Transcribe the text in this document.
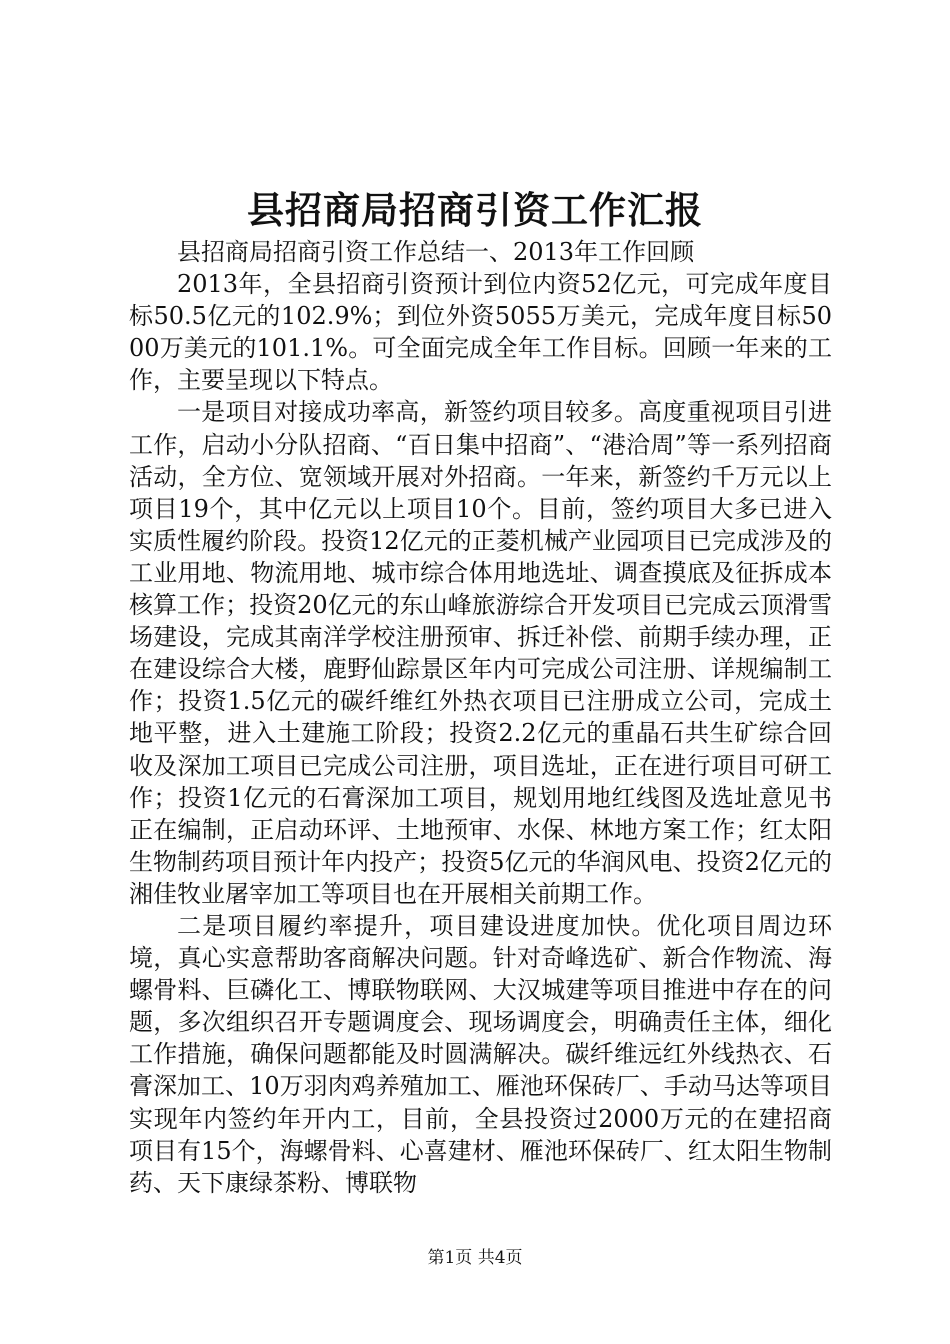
县招商局招商引资工作汇报

县招商局招商引资工作总结一、2013年工作回顾

2013年，全县招商引资预计到位内资52亿元，可完成年度目标50.5亿元的102.9%；到位外资5055万美元，完成年度目标5000万美元的101.1%。可全面完成全年工作目标。回顾一年来的工作，主要呈现以下特点。

一是项目对接成功率高，新签约项目较多。高度重视项目引进工作，启动小分队招商、“百日集中招商”、“港洽周”等一系列招商活动，全方位、宽领域开展对外招商。一年来，新签约千万元以上项目19个，其中亿元以上项目10个。目前，签约项目大多已进入实质性履约阶段。投资12亿元的正菱机械产业园项目已完成涉及的工业用地、物流用地、城市综合体用地选址、调查摸底及征拆成本核算工作；投资20亿元的东山峰旅游综合开发项目已完成云顶滑雪场建设，完成其南洋学校注册预审、拆迁补偿、前期手续办理，正在建设综合大楼，鹿野仙踪景区年内可完成公司注册、详规编制工作；投资1.5亿元的碳纤维红外热衣项目已注册成立公司，完成土地平整，进入土建施工阶段；投资2.2亿元的重晶石共生矿综合回收及深加工项目已完成公司注册，项目选址，正在进行项目可研工作；投资1亿元的石膏深加工项目，规划用地红线图及选址意见书正在编制，正启动环评、土地预审、水保、林地方案工作；红太阳生物制药项目预计年内投产；投资5亿元的华润风电、投资2亿元的湘佳牧业屠宰加工等项目也在开展相关前期工作。

二是项目履约率提升，项目建设进度加快。优化项目周边环境，真心实意帮助客商解决问题。针对奇峰选矿、新合作物流、海螺骨料、巨磷化工、博联物联网、大汉城建等项目推进中存在的问题，多次组织召开专题调度会、现场调度会，明确责任主体，细化工作措施，确保问题都能及时圆满解决。碳纤维远红外线热衣、石膏深加工、10万羽肉鸡养殖加工、雁池环保砖厂、手动马达等项目实现年内签约年开内工，目前，全县投资过2000万元的在建招商项目有15个，海螺骨料、心喜建材、雁池环保砖厂、红太阳生物制药、天下康绿茶粉、博联物

第1页 共4页
